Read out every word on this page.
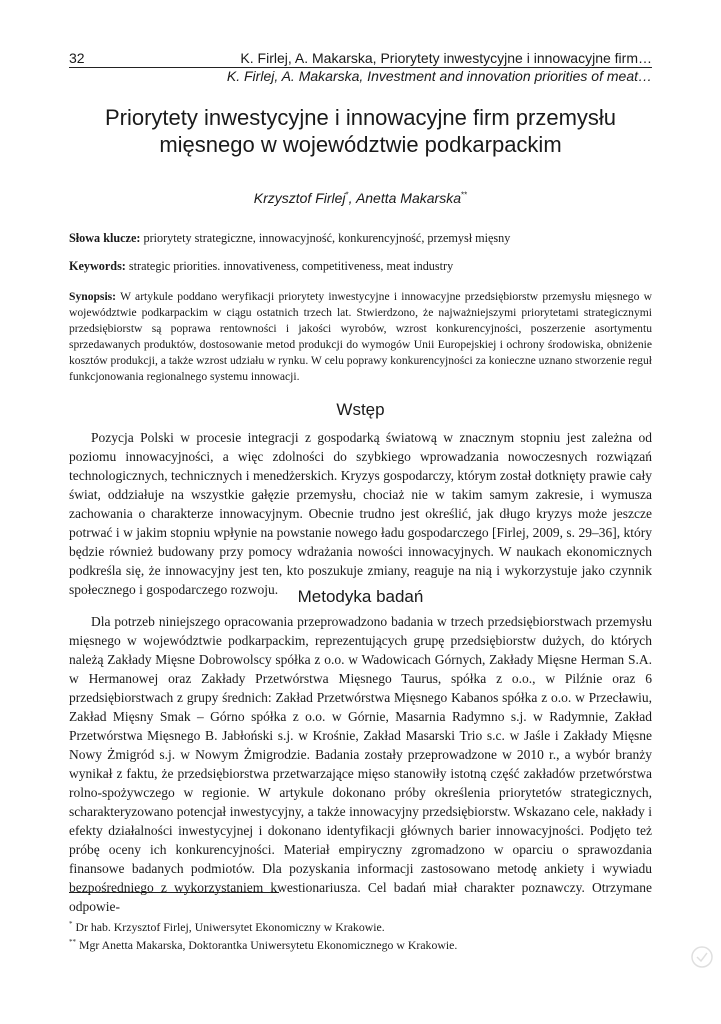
32	K. Firlej, A. Makarska, Priorytety inwestycyjne i innowacyjne firm…
K. Firlej, A. Makarska, Investment and innovation priorities of meat…
Priorytety inwestycyjne i innowacyjne firm przemysłu
mięsnego w województwie podkarpackim
Krzysztof Firlej*, Anetta Makarska**
Słowa klucze: priorytety strategiczne, innowacyjność, konkurencyjność, przemysł mięsny
Keywords: strategic priorities. innovativeness, competitiveness, meat industry
Synopsis: W artykule poddano weryfikacji priorytety inwestycyjne i innowacyjne przedsiębiorstw przemysłu mięsnego w województwie podkarpackim w ciągu ostatnich trzech lat. Stwierdzono, że najważniejszymi priorytetami strategicznymi przedsiębiorstw są poprawa rentowności i jakości wyrobów, wzrost konkurencyjności, poszerzenie asortymentu sprzedawanych produktów, dostosowanie metod produkcji do wymogów Unii Europejskiej i ochrony środowiska, obniżenie kosztów produkcji, a także wzrost udziału w rynku. W celu poprawy konkurencyjności za konieczne uznano stworzenie reguł funkcjonowania regionalnego systemu innowacji.
Wstęp
Pozycja Polski w procesie integracji z gospodarką światową w znacznym stopniu jest zależna od poziomu innowacyjności, a więc zdolności do szybkiego wprowadzania nowoczesnych rozwiązań technologicznych, technicznych i menedżerskich. Kryzys gospodarczy, którym został dotknięty prawie cały świat, oddziałuje na wszystkie gałęzie przemysłu, chociaż nie w takim samym zakresie, i wymusza zachowania o charakterze innowacyjnym. Obecnie trudno jest określić, jak długo kryzys może jeszcze potrwać i w jakim stopniu wpłynie na powstanie nowego ładu gospodarczego [Firlej, 2009, s. 29–36], który będzie również budowany przy pomocy wdrażania nowości innowacyjnych. W naukach ekonomicznych podkreśla się, że innowacyjny jest ten, kto poszukuje zmiany, reaguje na nią i wykorzystuje jako czynnik społecznego i gospodarczego rozwoju.	Metodyka badań
Dla potrzeb niniejszego opracowania przeprowadzono badania w trzech przedsiębiorstwach przemysłu mięsnego w województwie podkarpackim, reprezentujących grupę przedsiębiorstw dużych, do których należą Zakłady Mięsne Dobrowolscy spółka z o.o. w Wadowicach Górnych, Zakłady Mięsne Herman S.A. w Hermanowej oraz Zakłady Przetwórstwa Mięsnego Taurus, spółka z o.o., w Pilźnie oraz 6 przedsiębiorstwach z grupy średnich: Zakład Przetwórstwa Mięsnego Kabanos spółka z o.o. w Przecławiu, Zakład Mięsny Smak – Górno spółka z o.o. w Górnie, Masarnia Radymno s.j. w Radymnie, Zakład Przetwórstwa Mięsnego B. Jabłoński s.j. w Krośnie, Zakład Masarski Trio s.c. w Jaśle i Zakłady Mięsne Nowy Żmigród s.j. w Nowym Żmigrodzie. Badania zostały przeprowadzone w 2010 r., a wybór branży wynikał z faktu, że przedsiębiorstwa przetwarzające mięso stanowiły istotną część zakładów przetwórstwa rolno-spożywczego w regionie. W artykule dokonano próby określenia priorytetów strategicznych, scharakteryzowano potencjał inwestycyjny, a także innowacyjny przedsiębiorstw. Wskazano cele, nakłady i efekty działalności inwestycyjnej i dokonano identyfikacji głównych barier innowacyjności. Podjęto też próbę oceny ich konkurencyjności. Materiał empiryczny zgromadzono w oparciu o sprawozdania finansowe badanych podmiotów. Dla pozyskania informacji zastosowano metodę ankiety i wywiadu bezpośredniego z wykorzystaniem kwestionariusza. Cel badań miał charakter poznawczy. Otrzymane odpowie-
* Dr hab. Krzysztof Firlej, Uniwersytet Ekonomiczny w Krakowie.
** Mgr Anetta Makarska, Doktorantka Uniwersytetu Ekonomicznego w Krakowie.
